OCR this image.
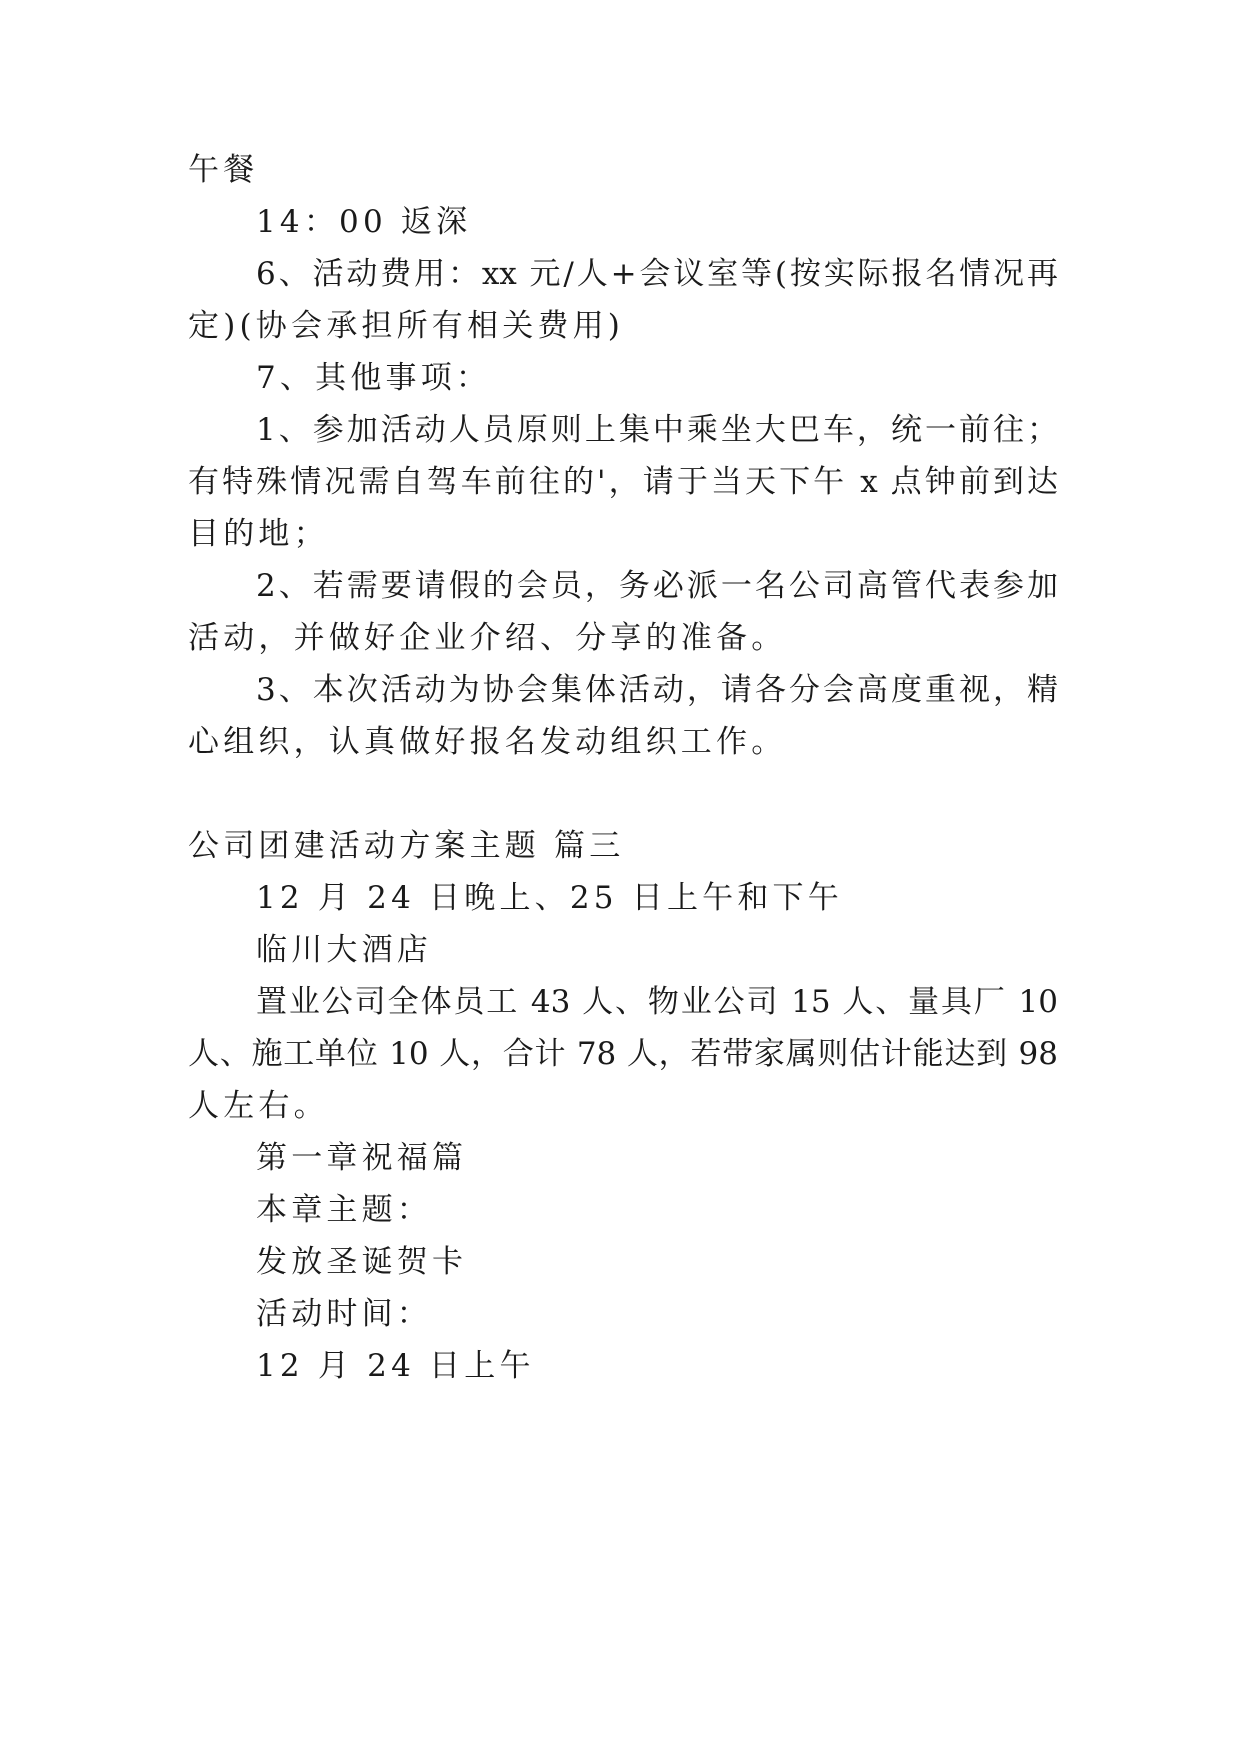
午餐
14：00 返深
6、活动费用：xx 元/人+会议室等(按实际报名情况再
定)(协会承担所有相关费用)
7、其他事项：
1、参加活动人员原则上集中乘坐大巴车，统一前往；
有特殊情况需自驾车前往的'，请于当天下午 x 点钟前到达
目的地；
2、若需要请假的会员，务必派一名公司高管代表参加
活动，并做好企业介绍、分享的准备。
3、本次活动为协会集体活动，请各分会高度重视，精
心组织，认真做好报名发动组织工作。
公司团建活动方案主题 篇三
12 月 24 日晚上、25 日上午和下午
临川大酒店
置业公司全体员工 43 人、物业公司 15 人、量具厂 10
人、施工单位 10 人，合计 78 人，若带家属则估计能达到 98
人左右。
第一章祝福篇
本章主题：
发放圣诞贺卡
活动时间：
12 月 24 日上午
